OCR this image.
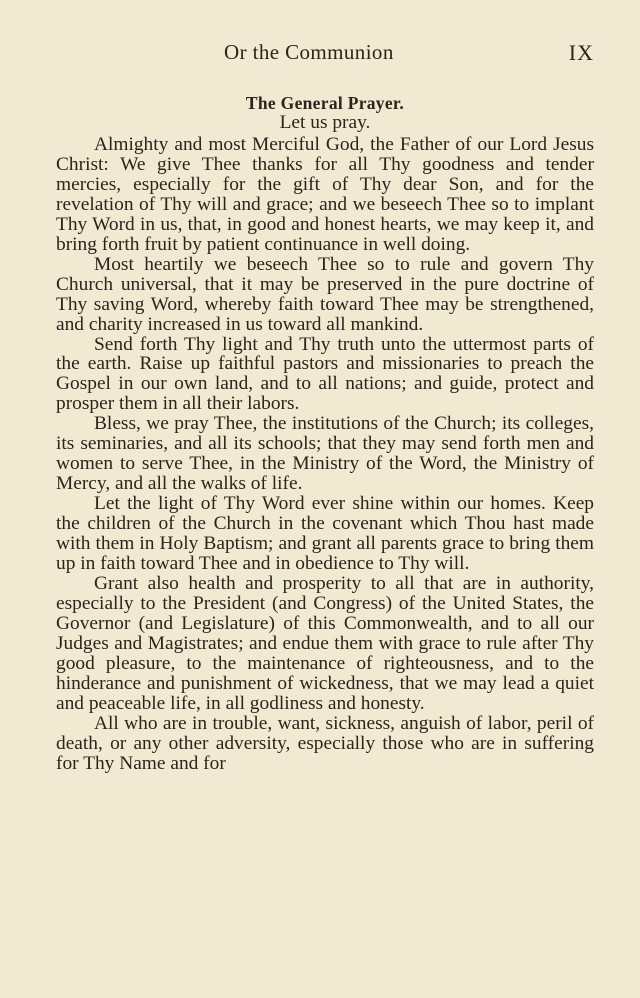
Or the Communion	IX
The General Prayer.
Let us pray.

Almighty and most Merciful God, the Father of our Lord Jesus Christ: We give Thee thanks for all Thy goodness and tender mercies, especially for the gift of Thy dear Son, and for the revelation of Thy will and grace; and we beseech Thee so to implant Thy Word in us, that, in good and honest hearts, we may keep it, and bring forth fruit by patient continuance in well doing.

Most heartily we beseech Thee so to rule and govern Thy Church universal, that it may be preserved in the pure doctrine of Thy saving Word, whereby faith toward Thee may be strengthened, and charity increased in us toward all mankind.

Send forth Thy light and Thy truth unto the uttermost parts of the earth. Raise up faithful pastors and missionaries to preach the Gospel in our own land, and to all nations; and guide, protect and prosper them in all their labors.

Bless, we pray Thee, the institutions of the Church; its colleges, its seminaries, and all its schools; that they may send forth men and women to serve Thee, in the Ministry of the Word, the Ministry of Mercy, and all the walks of life.

Let the light of Thy Word ever shine within our homes. Keep the children of the Church in the covenant which Thou hast made with them in Holy Baptism; and grant all parents grace to bring them up in faith toward Thee and in obedience to Thy will.

Grant also health and prosperity to all that are in authority, especially to the President (and Congress) of the United States, the Governor (and Legislature) of this Commonwealth, and to all our Judges and Magistrates; and endue them with grace to rule after Thy good pleasure, to the maintenance of righteousness, and to the hinderance and punishment of wickedness, that we may lead a quiet and peaceable life, in all godliness and honesty.

All who are in trouble, want, sickness, anguish of labor, peril of death, or any other adversity, especially those who are in suffering for Thy Name and for
